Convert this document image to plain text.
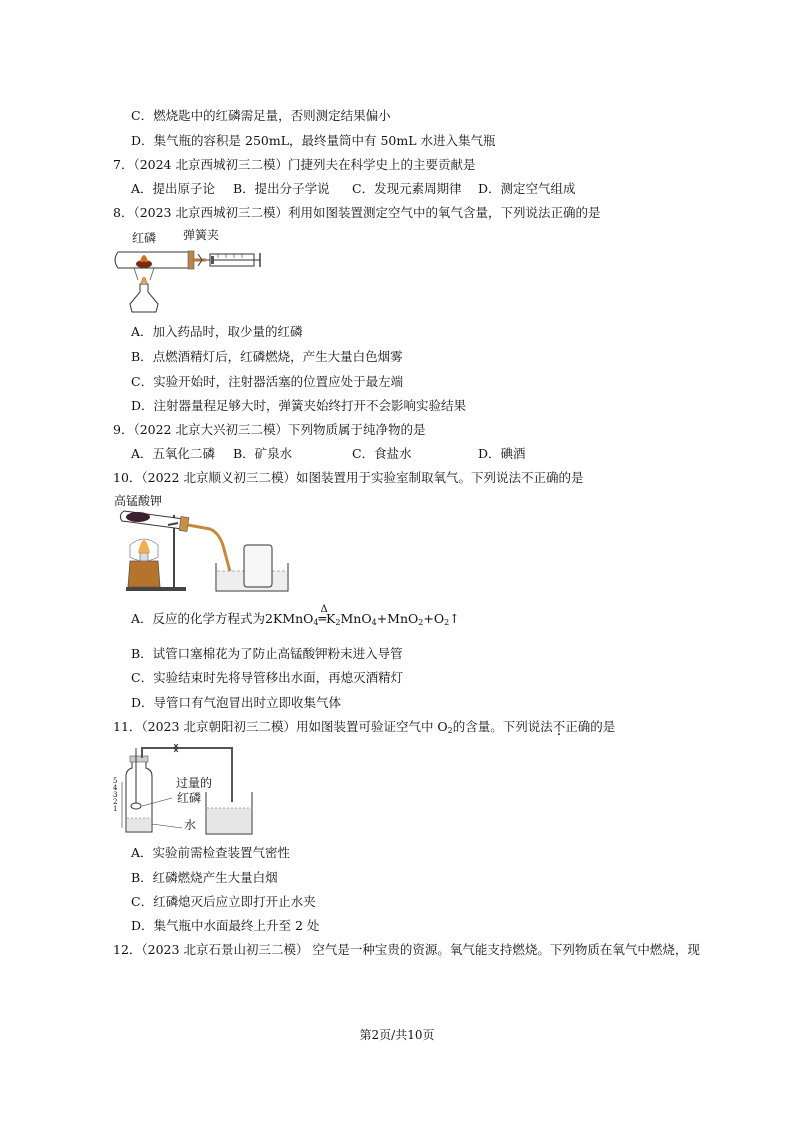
C．燃烧匙中的红磷需足量，否则测定结果偏小
D．集气瓶的容积是 250mL，最终量筒中有 50mL 水进入集气瓶
7．（2024 北京西城初三二模）门捷列夫在科学史上的主要贡献是
A．提出原子论 B．提出分子学说 C．发现元素周期律 D．测定空气组成
8．（2023 北京西城初三二模）利用如图装置测定空气中的氧气含量，下列说法正确的是
红磷 弹簧夹
A．加入药品时，取少量的红磷
B．点燃酒精灯后，红磷燃烧，产生大量白色烟雾
C．实验开始时，注射器活塞的位置应处于最左端
D．注射器量程足够大时，弹簧夹始终打开不会影响实验结果
9．（2022 北京大兴初三二模）下列物质属于纯净物的是
A．五氧化二磷 B．矿泉水	C．食盐水	D．碘酒
10．（2022 北京顺义初三二模）如图装置用于实验室制取氧气。下列说法不正确的是
高锰酸钾
A．反应的化学方程式为2KMnO$_4$
Δ
$═K_2MnO_4+MnO_2+O_2↑$
B．试管口塞棉花为了防止高锰酸钾粉末进入导管
C．实验结束时先将导管移出水面，再熄灭酒精灯
D．导管口有气泡冒出时立即收集气体
11．（2023 北京朝阳初三二模）用如图装置可验证空气中 $O_2$的含量。下列说法不正确的是
5
4
3
2
1
过量的
红磷
水
A．实验前需检查装置气密性
B．红磷燃烧产生大量白烟
C．红磷熄灭后应立即打开止水夹
D．集气瓶中水面最终上升至 2 处
12．（2023 北京石景山初三二模） 空气是一种宝贵的资源。氧气能支持燃烧。下列物质在氧气中燃烧，现
第2页/共10页
